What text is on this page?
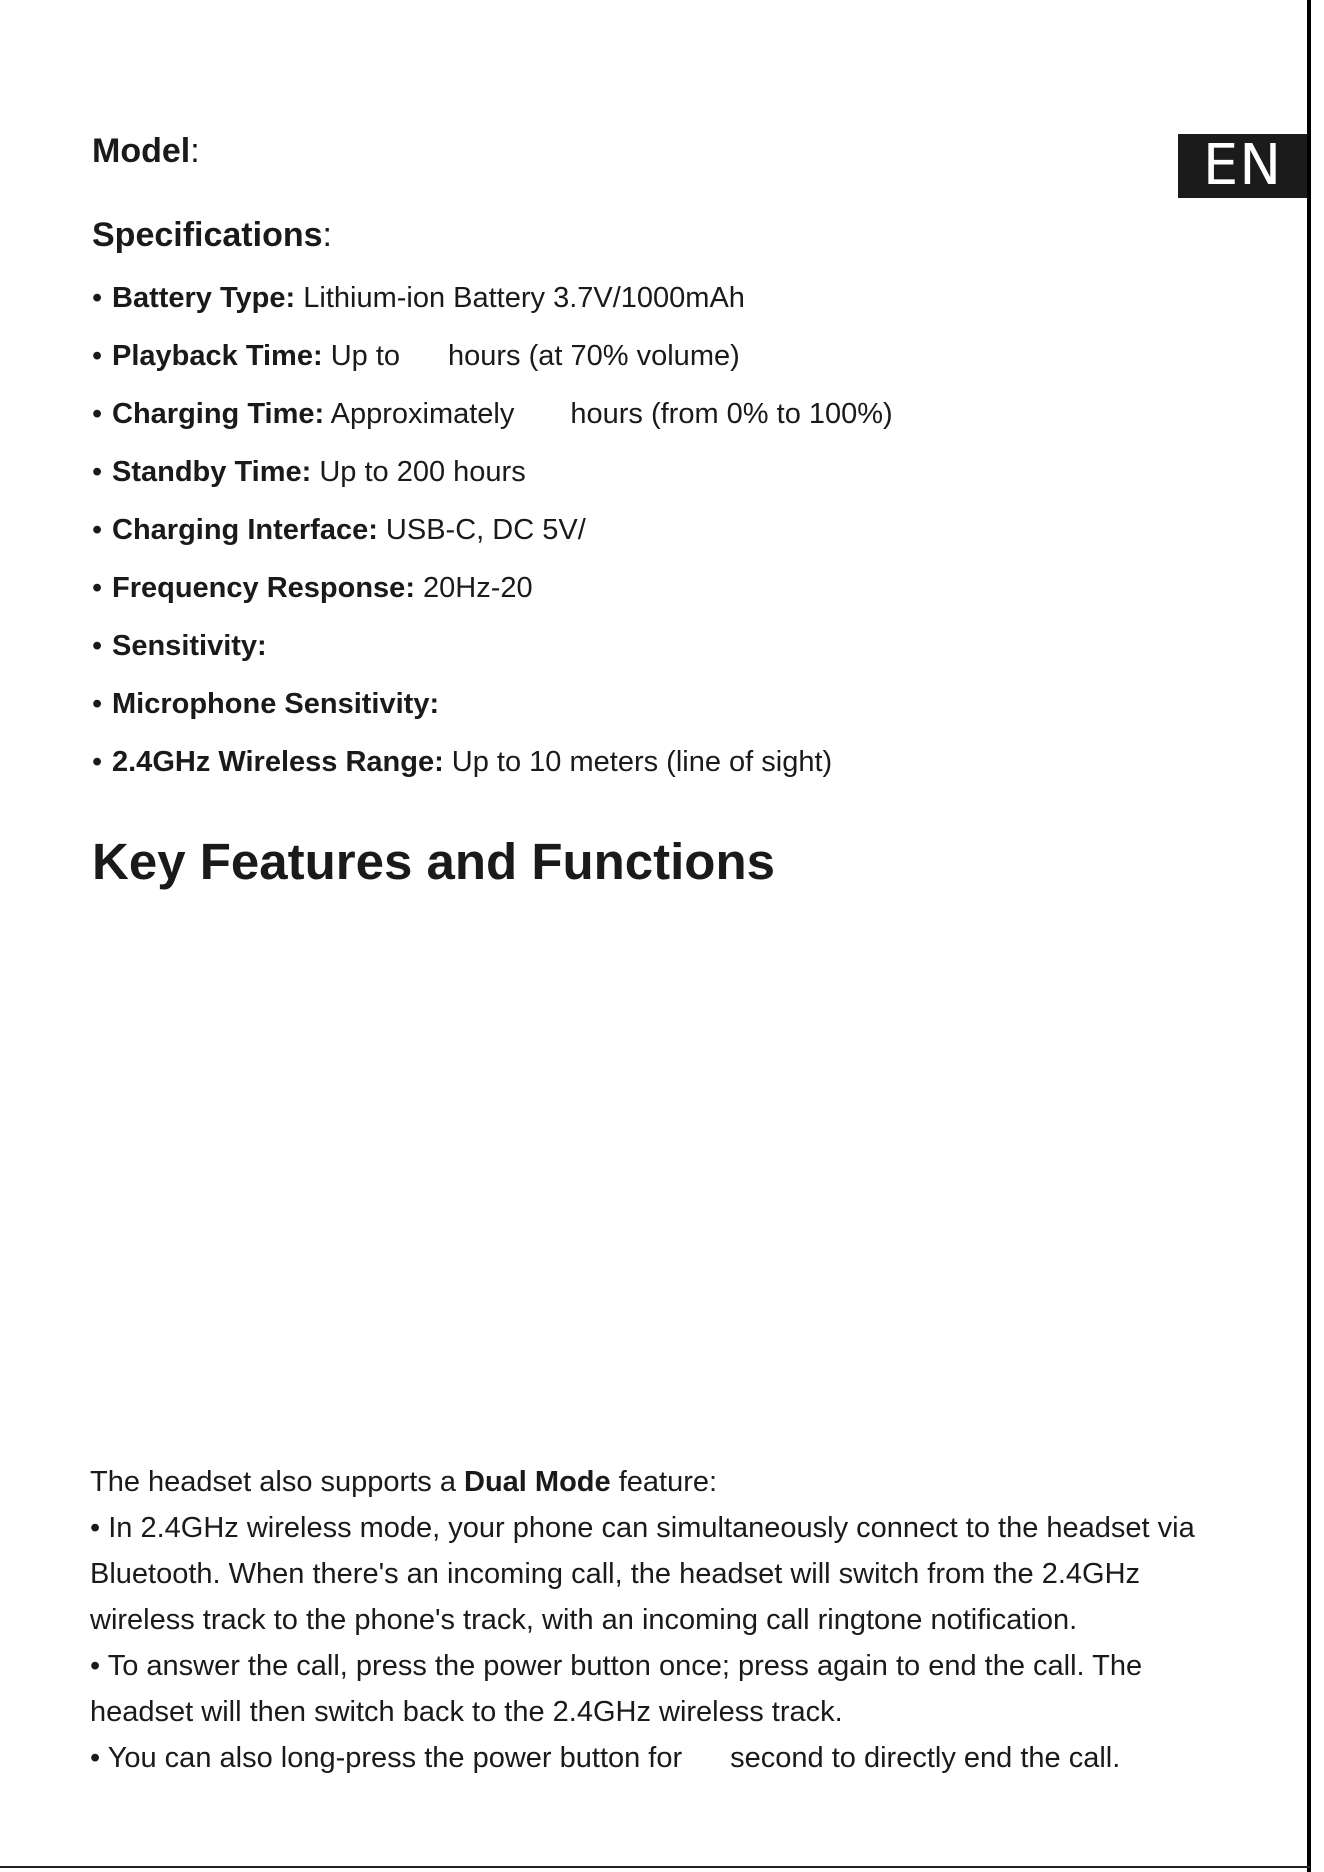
EN
Model:
Specifications:
• Battery Type: Lithium-ion Battery 3.7V/1000mAh
• Playback Time: Up to hours (at 70% volume)
• Charging Time: Approximately hours (from 0% to 100%)
• Standby Time: Up to 200 hours
• Charging Interface: USB-C, DC 5V/
• Frequency Response: 20Hz-20
• Sensitivity:
• Microphone Sensitivity:
• 2.4GHz Wireless Range: Up to 10 meters (line of sight)
Key Features and Functions

The headset also supports a Dual Mode feature:

• In 2.4GHz wireless mode, your phone can simultaneously connect to the headset via Bluetooth. When there's an incoming call, the headset will switch from the 2.4GHz wireless track to the phone's track, with an incoming call ringtone notification.

• To answer the call, press the power button once; press again to end the call. The headset will then switch back to the 2.4GHz wireless track.

• You can also long-press the power button for second to directly end the call.
